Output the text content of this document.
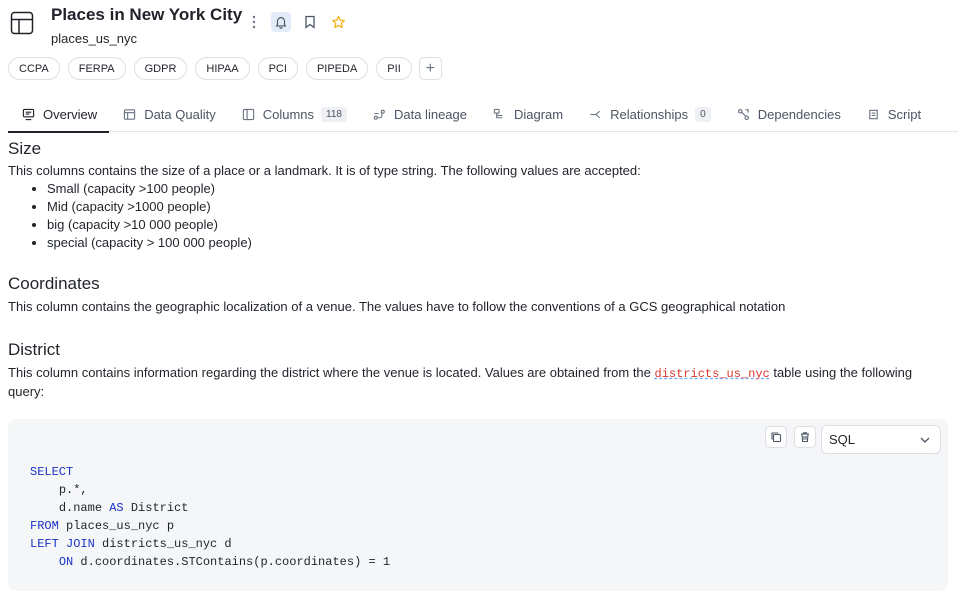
Places in New York City
places_us_nyc
CCPA	FERPA	GDPR	HIPAA	PCI	PIPEDA	PII	+
Overview	Data Quality	Columns	118	Data lineage	Diagram	Relationships	0	Dependencies	Script
Size

This columns contains the size of a place or a landmark. It is of type string. The following values are accepted:

• Small (capacity >100 people)
• Mid (capacity >1000 people)
• big (capacity >10 000 people)
• special (capacity > 100 000 people)
Coordinates

This column contains the geographic localization of a venue. The values have to follow the conventions of a GCS geographical notation

District

This column contains information regarding the district where the venue is located. Values are obtained from the districts_us_nyc table using the following query:

SQL
SELECT
p.*,
d.name AS District
FROM places_us_nyc p
LEFT JOIN districts_us_nyc d
ON d.coordinates.STContains(p.coordinates) = 1
